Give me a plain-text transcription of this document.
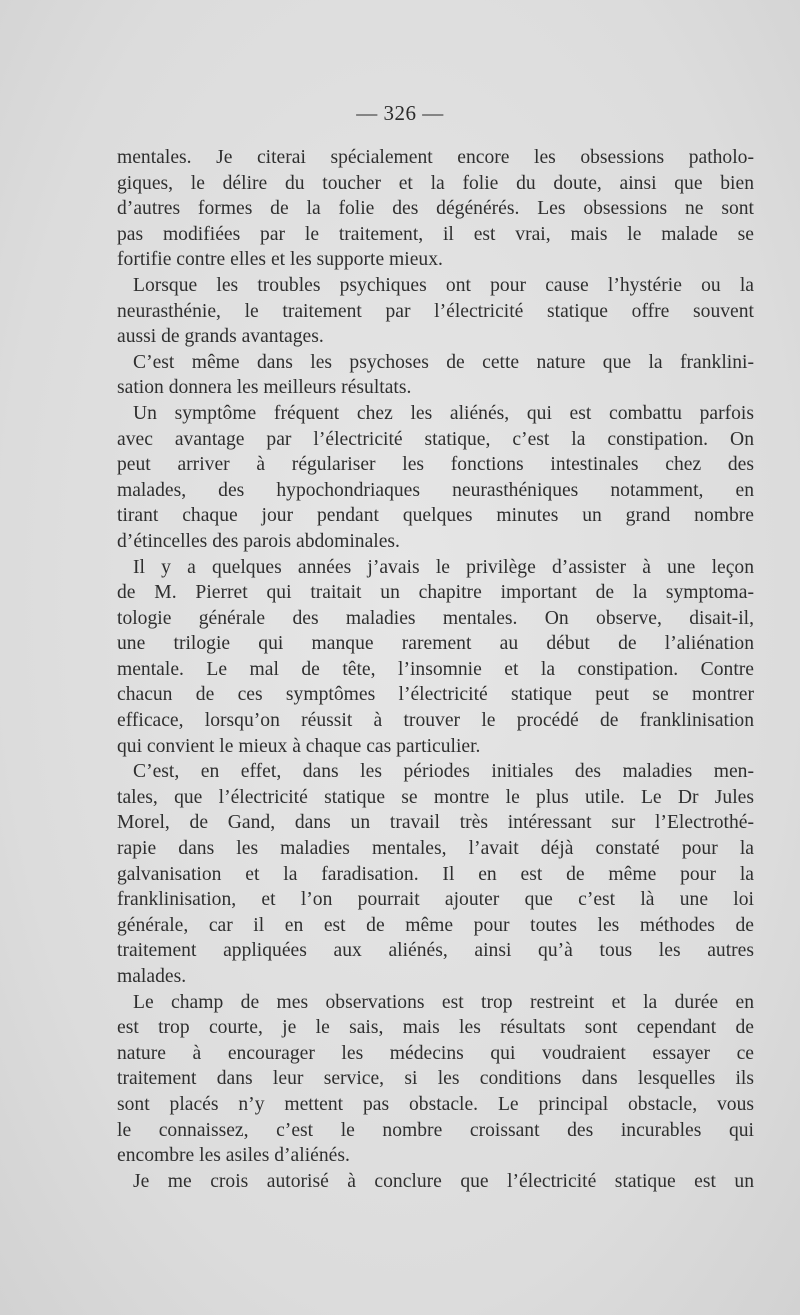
— 326 —
mentales. Je citerai spécialement encore les obsessions patholo-
giques, le délire du toucher et la folie du doute, ainsi que bien
d’autres formes de la folie des dégénérés. Les obsessions ne sont
pas modifiées par le traitement, il est vrai, mais le malade se
fortifie contre elles et les supporte mieux.
Lorsque les troubles psychiques ont pour cause l’hystérie ou la
neurasthénie, le traitement par l’électricité statique offre souvent
aussi de grands avantages.
C’est même dans les psychoses de cette nature que la franklini-
sation donnera les meilleurs résultats.
Un symptôme fréquent chez les aliénés, qui est combattu parfois
avec avantage par l’électricité statique, c’est la constipation. On
peut arriver à régulariser les fonctions intestinales chez des
malades, des hypochondriaques neurasthéniques notamment, en
tirant chaque jour pendant quelques minutes un grand nombre
d’étincelles des parois abdominales.
Il y a quelques années j’avais le privilège d’assister à une leçon
de M. Pierret qui traitait un chapitre important de la symptoma-
tologie générale des maladies mentales. On observe, disait-il,
une trilogie qui manque rarement au début de l’aliénation
mentale. Le mal de tête, l’insomnie et la constipation. Contre
chacun de ces symptômes l’électricité statique peut se montrer
efficace, lorsqu’on réussit à trouver le procédé de franklinisation
qui convient le mieux à chaque cas particulier.
C’est, en effet, dans les périodes initiales des maladies men-
tales, que l’électricité statique se montre le plus utile. Le Dr Jules
Morel, de Gand, dans un travail très intéressant sur l’Electrothé-
rapie dans les maladies mentales, l’avait déjà constaté pour la
galvanisation et la faradisation. Il en est de même pour la
franklinisation, et l’on pourrait ajouter que c’est là une loi
générale, car il en est de même pour toutes les méthodes de
traitement appliquées aux aliénés, ainsi qu’à tous les autres
malades.
Le champ de mes observations est trop restreint et la durée en
est trop courte, je le sais, mais les résultats sont cependant de
nature à encourager les médecins qui voudraient essayer ce
traitement dans leur service, si les conditions dans lesquelles ils
sont placés n’y mettent pas obstacle. Le principal obstacle, vous
le connaissez, c’est le nombre croissant des incurables qui
encombre les asiles d’aliénés.
Je me crois autorisé à conclure que l’électricité statique est un
